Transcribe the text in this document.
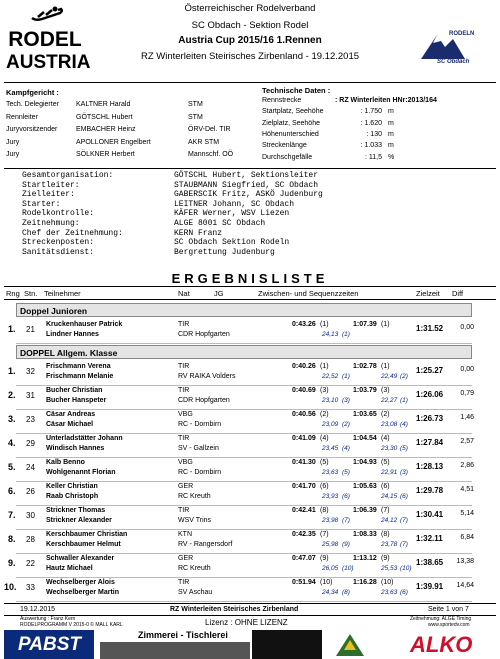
RODEL
AUSTRIA
Österreichischer Rodelverband
SC Obdach - Sektion Rodel
Austria Cup 2015/16 1.Rennen
RZ Winterleiten Steirisches Zirbenland - 19.12.2015
RODELN
SC Obdach
Kampfgericht :
Tech. Delegierter KALTNER Harald	STM
Rennleiter	GÖTSCHL Hubert	STM
Juryvorsitzender	EMBACHER Heinz	ÖRV-Del. TIR
Jury	APOLLONER Engelbert	AKR STM
Jury	SÖLKNER Herbert	Mannschf. OÖ
Technische Daten :
Rennstrecke	: RZ Winterleiten HNr:2013/164
Startplatz, Seehöhe	: 1.750 m
Zielplatz, Seehöhe	: 1.620 m
Höhenunterschied	: 130 m
Streckenlänge	: 1.033 m
Durchschgefälle	: 11,5 %
Gesamtorganisation:	GÖTSCHL Hubert, Sektionsleiter
Startleiter:	STAUBMANN Siegfried, SC Obdach
Zielleiter:	GABERSCIK Fritz, ASKÖ Judenburg
Starter:	LEITNER Johann, SC Obdach
Rodelkontrolle:	KÄFER Werner, WSV Liezen
Zeitnehmung:	ALGE 8001 SC Obdach
Chef der Zeitnehmung:	KERN Franz
Streckenposten:	SC Obdach Sektion Rodeln
Sanitätsdienst:	Bergrettung Judenburg
ERGEBNISLISTE
Rng Stn. Teilnehmer	Nat	JG	Zwischen- und Sequenzzeiten	Zielzeit Diff
Doppel Junioren
1. 21
Kruckenhauser Patrick
Lindner Hannes
TIR
CDR Hopfgarten
0:43.26 (1)	1:07.39 (1)
24,13 (1)
1:31.52	0,00
DOPPEL Allgem. Klasse
1. 32
Frischmann Verena
Frischmann Melanie
TIR
RV RAIKA Volders
0:40.26 (1)	1:02.78 (1)
22,52 (1)	22,49 (2)
1:25.27	0,00
2. 31
Bucher Christian
Bucher Hanspeter
TIR
CDR Hopfgarten
0:40.69 (3)	1:03.79 (3)
23,10 (3)	22,27 (1)
1:26.06	0,79
3. 23
Cäsar Andreas
Cäsar Michael
VBG
RC - Dornbirn
0:40.56 (2)	1:03.65 (2)
23,09 (2)	23,08 (4)
1:26.73	1,46
4. 29
Unterladstätter Johann
Windisch Hannes
TIR
SV - Gallzein
0:41.09 (4)	1:04.54 (4)
23,45 (4)	23,30 (5)
1:27.84	2,57
5. 24
Kalb Benno
Wohlgenannt Florian
VBG
RC - Dornbirn
0:41.30 (5)	1:04.93 (5)
23,63 (5)	22,91 (3)
1:28.13	2,86
6. 26
Keller Christian
Raab Christoph
GER
RC Kreuth
0:41.70 (6)	1:05.63 (6)
23,93 (6)	24,15 (6)
1:29.78	4,51
7. 30
Strickner Thomas
Strickner Alexander
TIR
WSV Trins
0:42.41 (8)	1:06.39 (7)
23,98 (7)	24,12 (7)
1:30.41	5,14
8. 28
Kerschbaumer Christian
Kerschbaumer Helmut
KTN
RV - Rangersdorf
0:42.35 (7)	1:08.33 (8)
25,98 (9)	23,78 (7)
1:32.11	6,84
9. 22
Schwaller Alexander
Hautz Michael
GER
RC Kreuth
0:47.07 (9)	1:13.12 (9)
26,05 (10)	25,53 (10)
1:38.65	13,38
10. 33
Wechselberger Alois
Wechselberger Martin
TIR
SV Aschau
0:51.94 (10)	1:16.28 (10)
24,34 (8)	23,63 (6)
1:39.91	14,64
19.12.2015	RZ Winterleiten Steirisches Zirbenland	Seite 1 von 7
Auswertung : Franz Kern
RODELPROGRAMM V 2015-0 © MALL KARL	Lizenz : OHNE LIZENZ	Zeitnehmung: ALGE Timing
www.sportedv.com
PABST	Zimmerei - Tischlerei	ALKO
